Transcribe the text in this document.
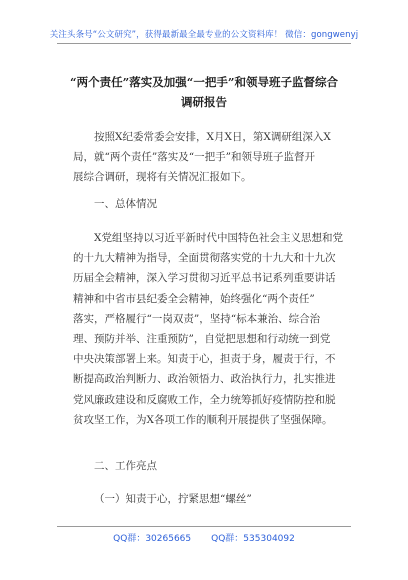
关注头条号“公文研究”，获得最新最全最专业的公文资料库！ 微信：gongwenyj
“两个责任”落实及加强“一把手”和领导班子监督综合
调研报告
按照X纪委常委会安排，X月X日，第X调研组深入X
局，就“两个责任”落实及“一把手”和领导班子监督开
展综合调研，现将有关情况汇报如下。
一、总体情况
X党组坚持以习近平新时代中国特色社会主义思想和党
的十九大精神为指导，全面贯彻落实党的十九大和十九次
历届全会精神，深入学习贯彻习近平总书记系列重要讲话
精神和中省市县纪委全会精神，始终强化“两个责任”
落实，严格履行“一岗双责”，坚持“标本兼治、综合治
理、预防并举、注重预防”，自觉把思想和行动统一到党
中央决策部署上来。知责于心，担责于身，履责于行，不
断提高政治判断力、政治领悟力、政治执行力，扎实推进
党风廉政建设和反腐败工作，全力统筹抓好疫情防控和脱
贫攻坚工作，为X各项工作的顺利开展提供了坚强保障。
二、工作亮点
（一）知责于心，拧紧思想“螺丝”
QQ群：30265665 QQ群：535304092
